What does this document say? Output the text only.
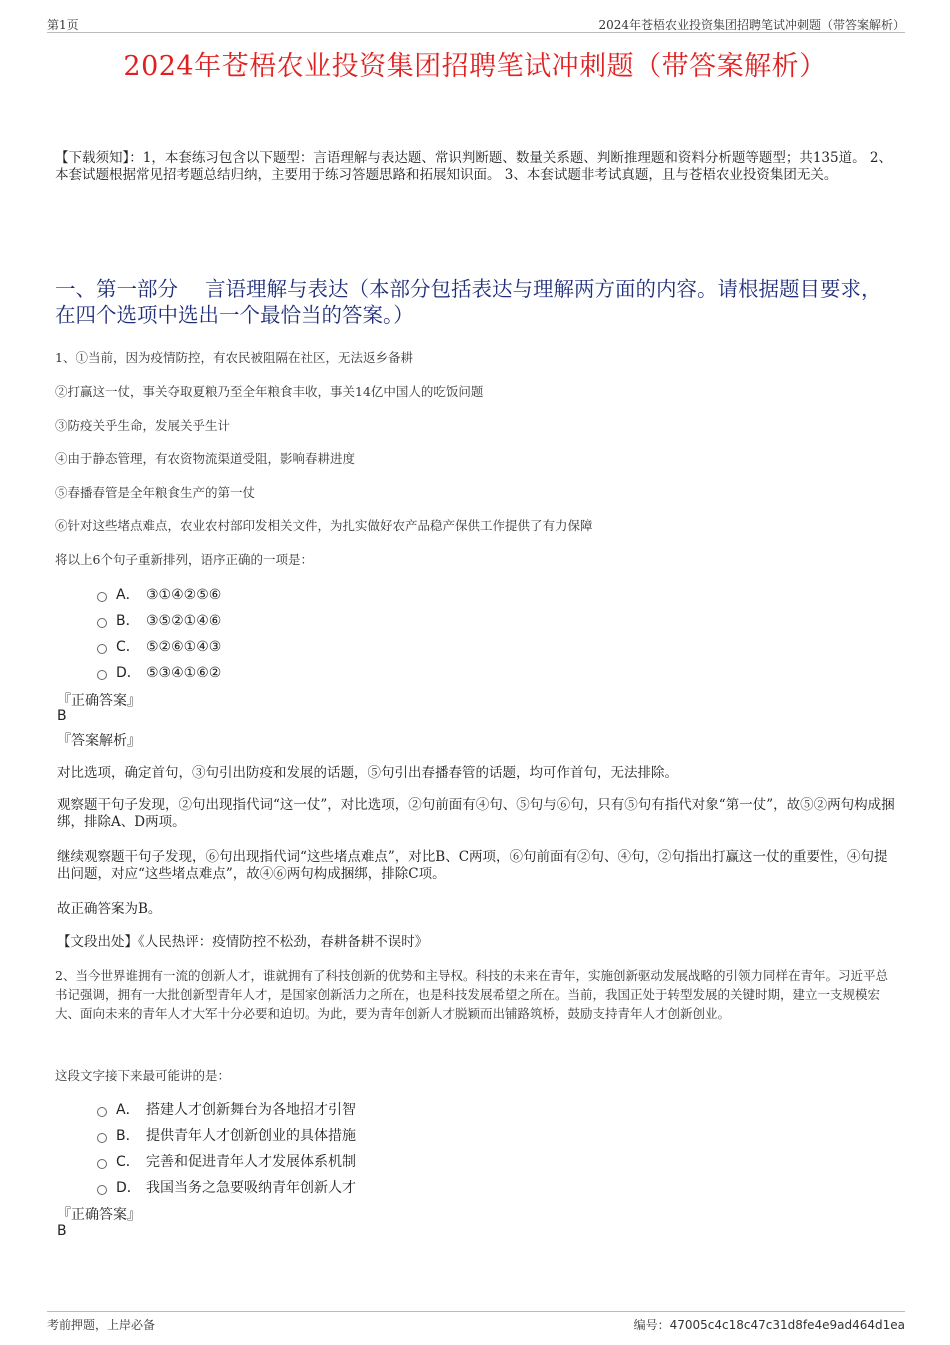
第1页	2024年苍梧农业投资集团招聘笔试冲刺题（带答案解析）
2024年苍梧农业投资集团招聘笔试冲刺题（带答案解析）
【下载须知】：1，本套练习包含以下题型：言语理解与表达题、常识判断题、数量关系题、判断推理题和资料分析题等题型；共135道。 2、本套试题根据常见招考题总结归纳，主要用于练习答题思路和拓展知识面。 3、本套试题非考试真题，且与苍梧农业投资集团无关。
一、第一部分　 言语理解与表达（本部分包括表达与理解两方面的内容。请根据题目要求，在四个选项中选出一个最恰当的答案。）
1、①当前，因为疫情防控，有农民被阻隔在社区，无法返乡备耕
②打赢这一仗，事关夺取夏粮乃至全年粮食丰收，事关14亿中国人的吃饭问题
③防疫关乎生命，发展关乎生计
④由于静态管理，有农资物流渠道受阻，影响春耕进度
⑤春播春管是全年粮食生产的第一仗
⑥针对这些堵点难点，农业农村部印发相关文件，为扎实做好农产品稳产保供工作提供了有力保障
将以上6个句子重新排列，语序正确的一项是：
A． ③①④②⑤⑥
B． ③⑤②①④⑥
C． ⑤②⑥①④③
D． ⑤③④①⑥②
『正确答案』
B
『答案解析』
对比选项，确定首句，③句引出防疫和发展的话题，⑤句引出春播春管的话题，均可作首句，无法排除。
观察题干句子发现，②句出现指代词“这一仗”，对比选项，②句前面有④句、⑤句与⑥句，只有⑤句有指代对象“第一仗”，故⑤②两句构成捆绑，排除A、D两项。
继续观察题干句子发现，⑥句出现指代词“这些堵点难点”，对比B、C两项，⑥句前面有②句、④句，②句指出打赢这一仗的重要性，④句提出问题，对应“这些堵点难点”，故④⑥两句构成捆绑，排除C项。
故正确答案为B。
【文段出处】《人民热评：疫情防控不松劲，春耕备耕不误时》
2、当今世界谁拥有一流的创新人才，谁就拥有了科技创新的优势和主导权。科技的未来在青年，实施创新驱动发展战略的引领力同样在青年。习近平总书记强调，拥有一大批创新型青年人才，是国家创新活力之所在，也是科技发展希望之所在。当前，我国正处于转型发展的关键时期，建立一支规模宏大、面向未来的青年人才大军十分必要和迫切。为此，要为青年创新人才脱颖而出铺路筑桥，鼓励支持青年人才创新创业。
这段文字接下来最可能讲的是：
A． 搭建人才创新舞台为各地招才引智
B． 提供青年人才创新创业的具体措施
C． 完善和促进青年人才发展体系机制
D． 我国当务之急要吸纳青年创新人才
『正确答案』
B
考前押题，上岸必备	编号：47005c4c18c47c31d8fe4e9ad464d1ea
